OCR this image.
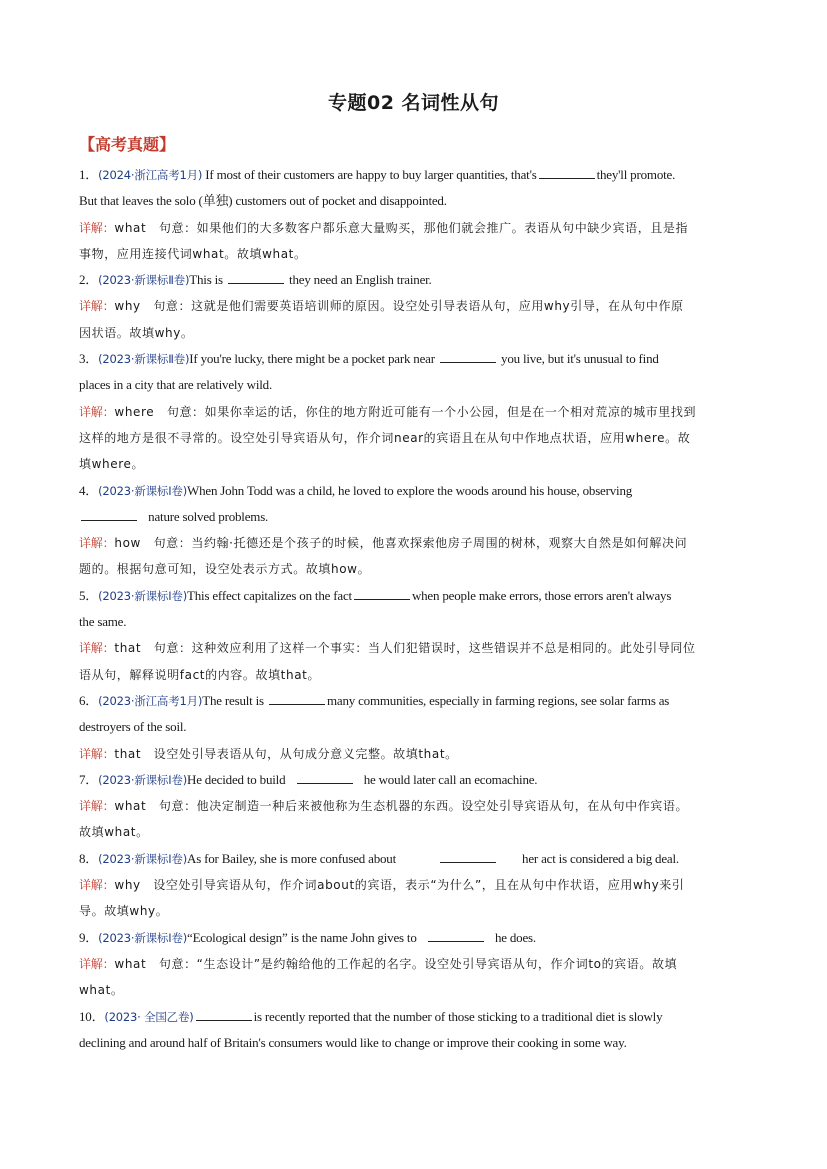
专题02 名词性从句
【高考真题】
1．(2024·浙江高考1月) If most of their customers are happy to buy larger quantities, that's	they'll promote.
But that leaves the solo (单独) customers out of pocket and disappointed.
详解：what　句意：如果他们的大多数客户都乐意大量购买，那他们就会推广。表语从句中缺少宾语，且是指
事物，应用连接代词what。故填what。
2．(2023·新课标Ⅱ卷)This is	they need an English trainer.
详解：why　句意：这就是他们需要英语培训师的原因。设空处引导表语从句，应用why引导，在从句中作原
因状语。故填why。
3．(2023·新课标Ⅱ卷)If you're lucky, there might be a pocket park near	you live, but it's unusual to find
places in a city that are relatively wild.
详解：where　句意：如果你幸运的话，你住的地方附近可能有一个小公园，但是在一个相对荒凉的城市里找到
这样的地方是很不寻常的。设空处引导宾语从句，作介词near的宾语且在从句中作地点状语，应用where。故
填where。
4．(2023·新课标Ⅰ卷)When John Todd was a child, he loved to explore the woods around his house, observing
nature solved problems.
详解：how　句意：当约翰·托德还是个孩子的时候，他喜欢探索他房子周围的树林，观察大自然是如何解决问
题的。根据句意可知，设空处表示方式。故填how。
5．(2023·新课标Ⅰ卷)This effect capitalizes on the fact	when people make errors, those errors aren't always
the same.
详解：that　句意：这种效应利用了这样一个事实：当人们犯错误时，这些错误并不总是相同的。此处引导同位
语从句，解释说明fact的内容。故填that。
6．(2023·浙江高考1月)The result is	many communities, especially in farming regions, see solar farms as
destroyers of the soil.
详解：that　设空处引导表语从句，从句成分意义完整。故填that。
7．(2023·新课标Ⅰ卷)He decided to build	he would later call an ecomachine.
详解：what　句意：他决定制造一种后来被他称为生态机器的东西。设空处引导宾语从句，在从句中作宾语。
故填what。
8．(2023·新课标Ⅰ卷)As for Bailey, she is more confused about	her act is considered a big deal.
详解：why　设空处引导宾语从句，作介词about的宾语，表示“为什么”，且在从句中作状语，应用why来引
导。故填why。
9．(2023·新课标Ⅰ卷)“Ecological design” is the name John gives to	he does.
详解：what　句意：“生态设计”是约翰给他的工作起的名字。设空处引导宾语从句，作介词to的宾语。故填
what。
10．(2023· 全国乙卷)	is recently reported that the number of those sticking to a traditional diet is slowly
declining and around half of Britain's consumers would like to change or improve their cooking in some way.
